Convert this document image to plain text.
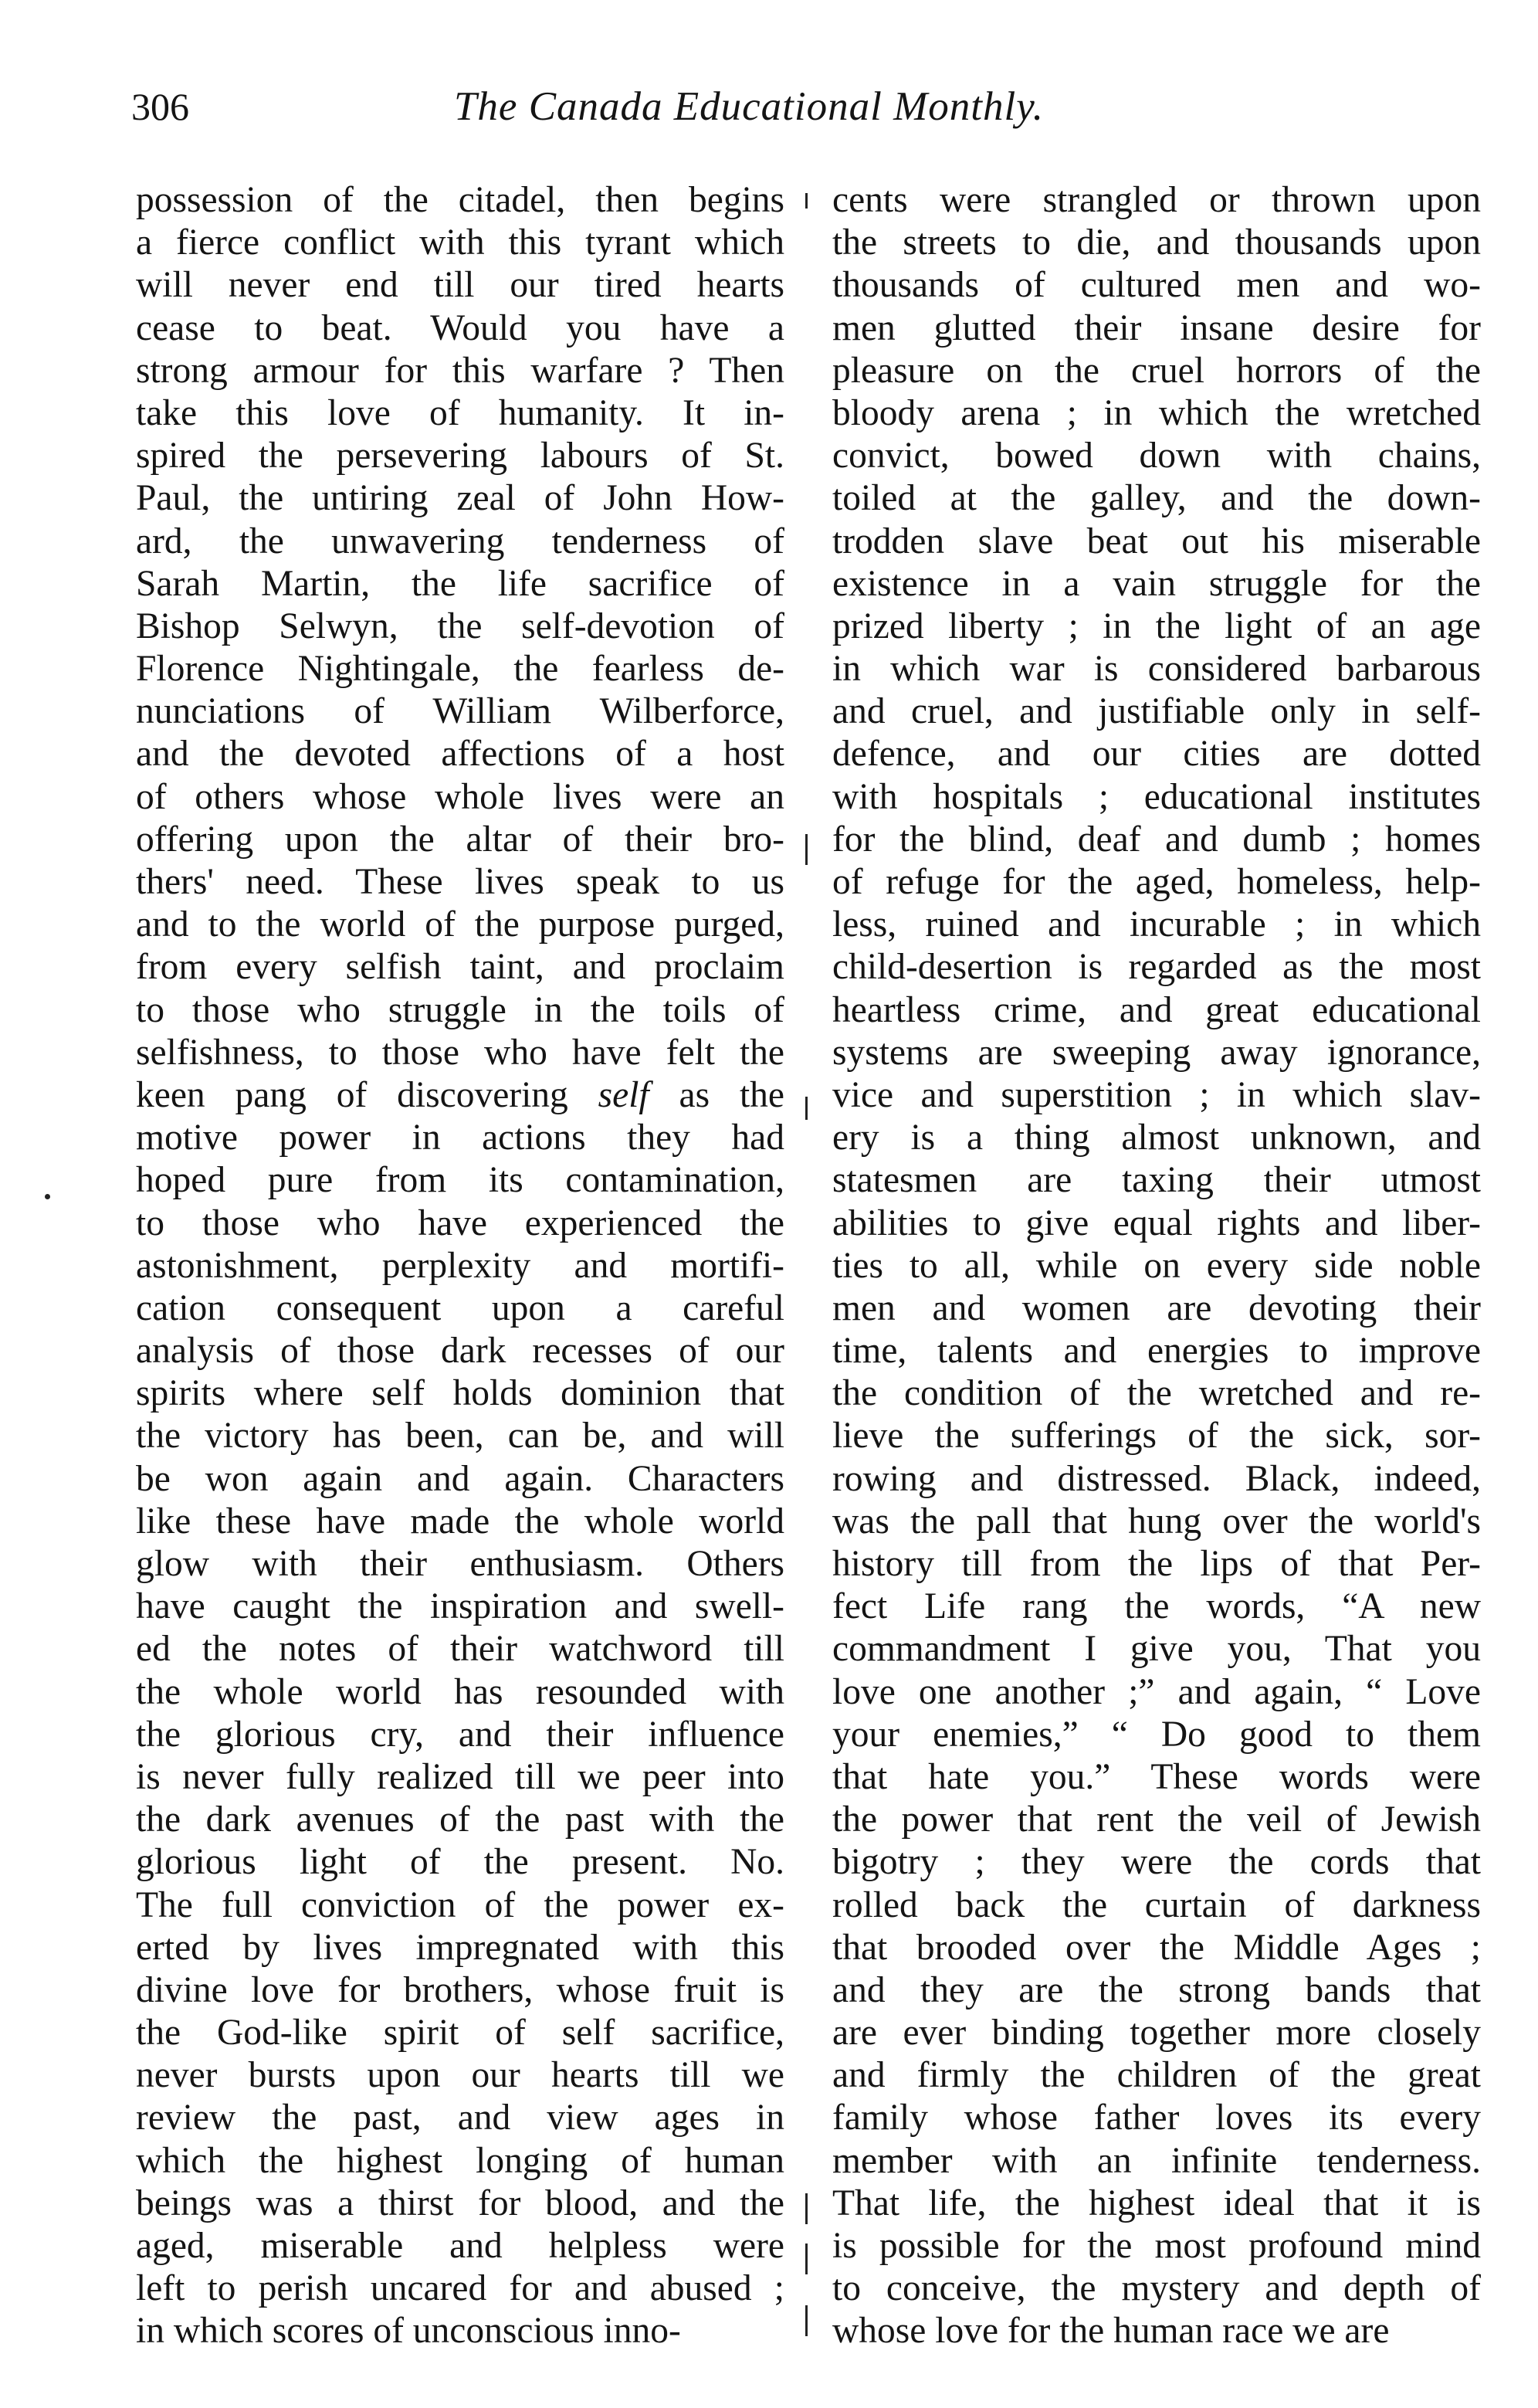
306	The Canada Educational Monthly.
possession of the citadel, then begins
a fierce conflict with this tyrant which
will never end till our tired hearts
cease to beat. Would you have a
strong armour for this warfare ? Then
take this love of humanity. It in-
spired the persevering labours of St.
Paul, the untiring zeal of John How-
ard, the unwavering tenderness of
Sarah Martin, the life sacrifice of
Bishop Selwyn, the self-devotion of
Florence Nightingale, the fearless de-
nunciations of William Wilberforce,
and the devoted affections of a host
of others whose whole lives were an
offering upon the altar of their bro-
thers' need. These lives speak to us
and to the world of the purpose purged,
from every selfish taint, and proclaim
to those who struggle in the toils of
selfishness, to those who have felt the
keen pang of discovering self as the
motive power in actions they had
hoped pure from its contamination,
to those who have experienced the
astonishment, perplexity and mortifi-
cation consequent upon a careful
analysis of those dark recesses of our
spirits where self holds dominion that
the victory has been, can be, and will
be won again and again. Characters
like these have made the whole world
glow with their enthusiasm. Others
have caught the inspiration and swell-
ed the notes of their watchword till
the whole world has resounded with
the glorious cry, and their influence
is never fully realized till we peer into
the dark avenues of the past with the
glorious light of the present. No.
The full conviction of the power ex-
erted by lives impregnated with this
divine love for brothers, whose fruit is
the God-like spirit of self sacrifice,
never bursts upon our hearts till we
review the past, and view ages in
which the highest longing of human
beings was a thirst for blood, and the
aged, miserable and helpless were
left to perish uncared for and abused ;
in which scores of unconscious inno-
cents were strangled or thrown upon
the streets to die, and thousands upon
thousands of cultured men and wo-
men glutted their insane desire for
pleasure on the cruel horrors of the
bloody arena ; in which the wretched
convict, bowed down with chains,
toiled at the galley, and the down-
trodden slave beat out his miserable
existence in a vain struggle for the
prized liberty ; in the light of an age
in which war is considered barbarous
and cruel, and justifiable only in self-
defence, and our cities are dotted
with hospitals ; educational institutes
for the blind, deaf and dumb ; homes
of refuge for the aged, homeless, help-
less, ruined and incurable ; in which
child-desertion is regarded as the most
heartless crime, and great educational
systems are sweeping away ignorance,
vice and superstition ; in which slav-
ery is a thing almost unknown, and
statesmen are taxing their utmost
abilities to give equal rights and liber-
ties to all, while on every side noble
men and women are devoting their
time, talents and energies to improve
the condition of the wretched and re-
lieve the sufferings of the sick, sor-
rowing and distressed. Black, indeed,
was the pall that hung over the world's
history till from the lips of that Per-
fect Life rang the words, “A new
commandment I give you, That you
love one another ;” and again, “ Love
your enemies,” “ Do good to them
that hate you.” These words were
the power that rent the veil of Jewish
bigotry ; they were the cords that
rolled back the curtain of darkness
that brooded over the Middle Ages ;
and they are the strong bands that
are ever binding together more closely
and firmly the children of the great
family whose father loves its every
member with an infinite tenderness.
That life, the highest ideal that it is
is possible for the most profound mind
to conceive, the mystery and depth of
whose love for the human race we are
